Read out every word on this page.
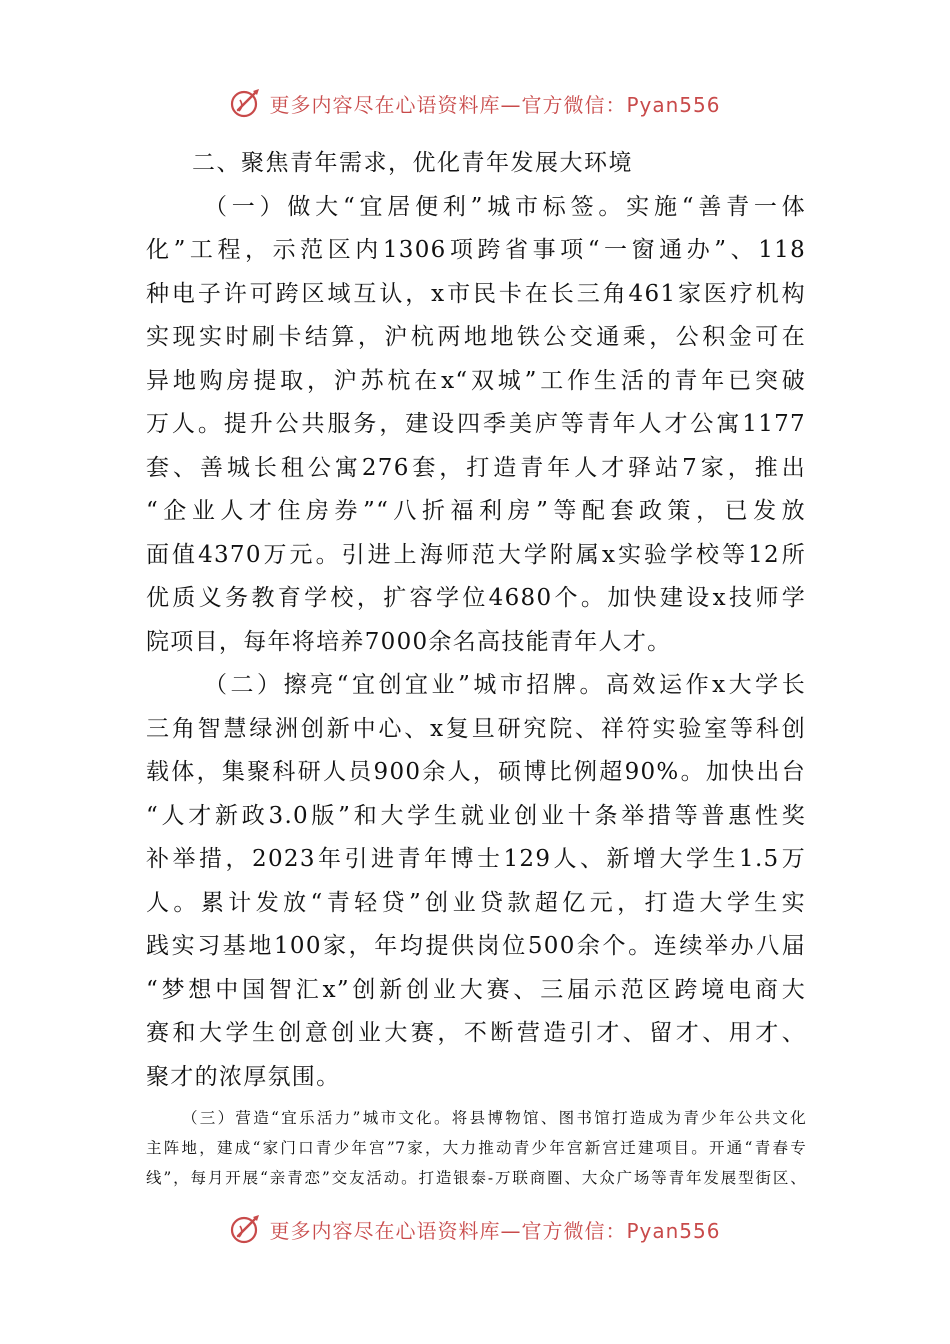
更多内容尽在心语资料库—官方微信：Pyan556

二、聚焦青年需求，优化青年发展大环境

（一）做大“宜居便利”城市标签。实施“善青一体
化”工程，示范区内1306项跨省事项“一窗通办”、118
种电子许可跨区域互认，x市民卡在长三角461家医疗机构
实现实时刷卡结算，沪杭两地地铁公交通乘，公积金可在
异地购房提取，沪苏杭在x“双城”工作生活的青年已突破
万人。提升公共服务，建设四季美庐等青年人才公寓1177
套、善城长租公寓276套，打造青年人才驿站7家，推出
“企业人才住房券”“八折福利房”等配套政策，已发放
面值4370万元。引进上海师范大学附属x实验学校等12所
优质义务教育学校，扩容学位4680个。加快建设x技师学
院项目，每年将培养7000余名高技能青年人才。

（二）擦亮“宜创宜业”城市招牌。高效运作x大学长
三角智慧绿洲创新中心、x复旦研究院、祥符实验室等科创
载体，集聚科研人员900余人，硕博比例超90%。加快出台
“人才新政3.0版”和大学生就业创业十条举措等普惠性奖
补举措，2023年引进青年博士129人、新增大学生1.5万
人。累计发放“青轻贷”创业贷款超亿元，打造大学生实
践实习基地100家，年均提供岗位500余个。连续举办八届
“梦想中国智汇x”创新创业大赛、三届示范区跨境电商大
赛和大学生创意创业大赛，不断营造引才、留才、用才、
聚才的浓厚氛围。

（三）营造“宜乐活力”城市文化。将县博物馆、图书馆打造成为青少年公共文化
主阵地，建成“家门口青少年宫”7家，大力推动青少年宫新宫迁建项目。开通“青春专
线”，每月开展“亲青恋”交友活动。打造银泰-万联商圈、大众广场等青年发展型街区、

更多内容尽在心语资料库—官方微信：Pyan556
